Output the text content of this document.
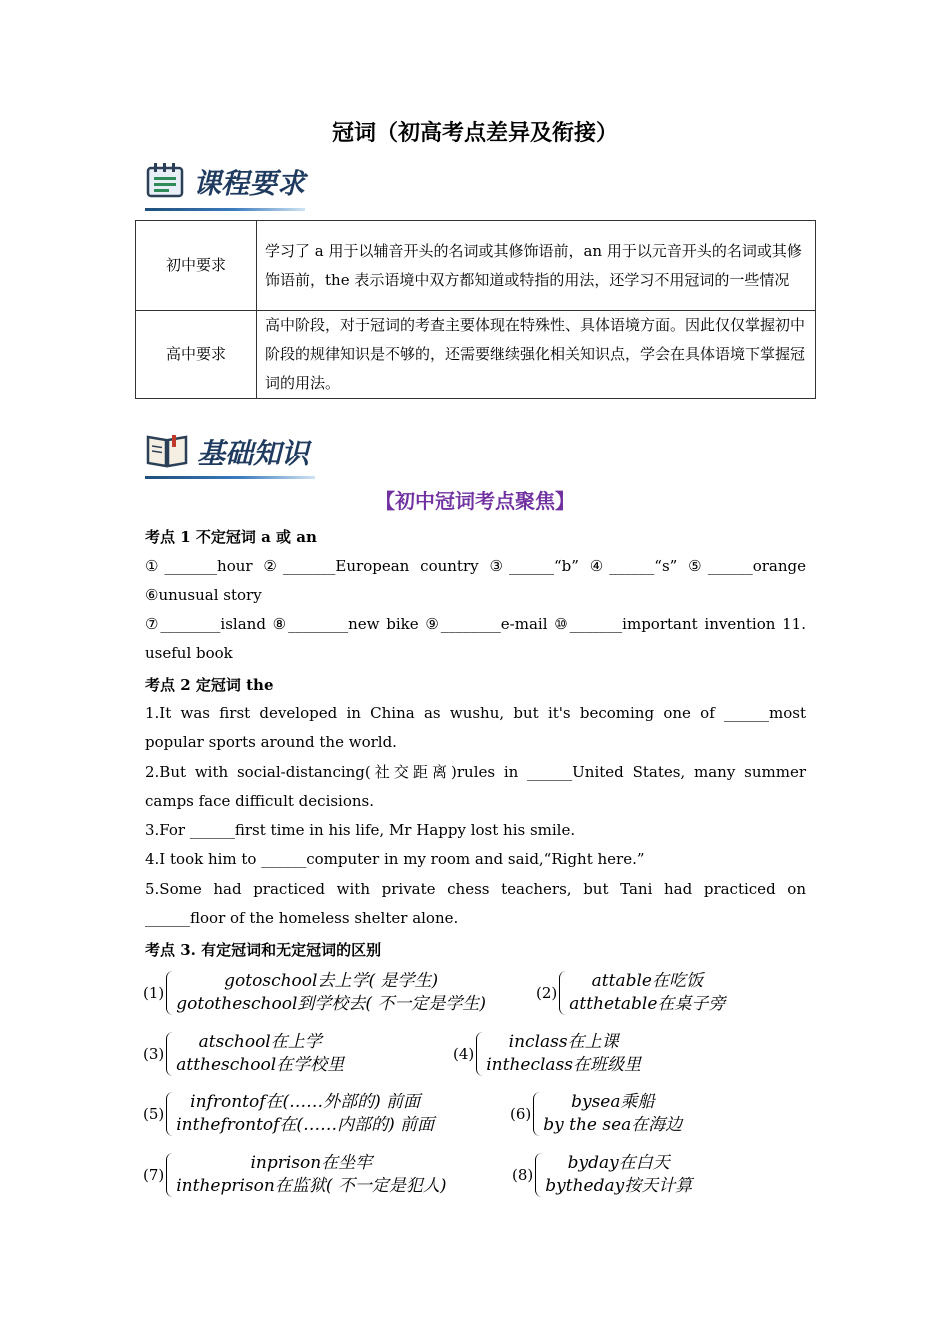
冠词（初高考点差异及衔接）
课程要求
初中要求	学习了 a 用于以辅音开头的名词或其修饰语前，an 用于以元音开头的名词或其修饰语前，the 表示语境中双方都知道或特指的用法，还学习不用冠词的一些情况
高中要求	高中阶段，对于冠词的考查主要体现在特殊性、具体语境方面。因此仅仅掌握初中阶段的规律知识是不够的，还需要继续强化相关知识点，学会在具体语境下掌握冠词的用法。
基础知识
【初中冠词考点聚焦】
考点 1 不定冠词 a 或 an
①_______hour ②_______European country ③______“b” ④______“s” ⑤______orange ⑥unusual story
⑦________island ⑧________new bike ⑨________e-mail ⑩_______important invention 11. useful book
考点 2 定冠词 the
1.It was first developed in China as wushu, but it's becoming one of ______most popular sports around the world.
2.But with social-distancing(社交距离)rules in ______United States, many summer camps face difficult decisions.
3.For ______first time in his life, Mr Happy lost his smile.
4.I took him to ______computer in my room and said,“Right here.”
5.Some had practiced with private chess teachers, but Tani had practiced on ______floor of the homeless shelter alone.
考点 3. 有定冠词和无定冠词的区别
(1)
gotoschool去上学( 是学生)
gototheschool到学校去( 不一定是学生)
(2)
attable在吃饭
atthetable在桌子旁
(3)
atschool在上学
attheschool在学校里
(4)
inclass在上课
intheclass在班级里
(5)
infrontof在(……外部的) 前面
inthefrontof在(……内部的) 前面
(6)
bysea乘船
by the sea在海边
(7)
inprison在坐牢
intheprison在监狱( 不一定是犯人)
(8)
byday在白天
bytheday按天计算
